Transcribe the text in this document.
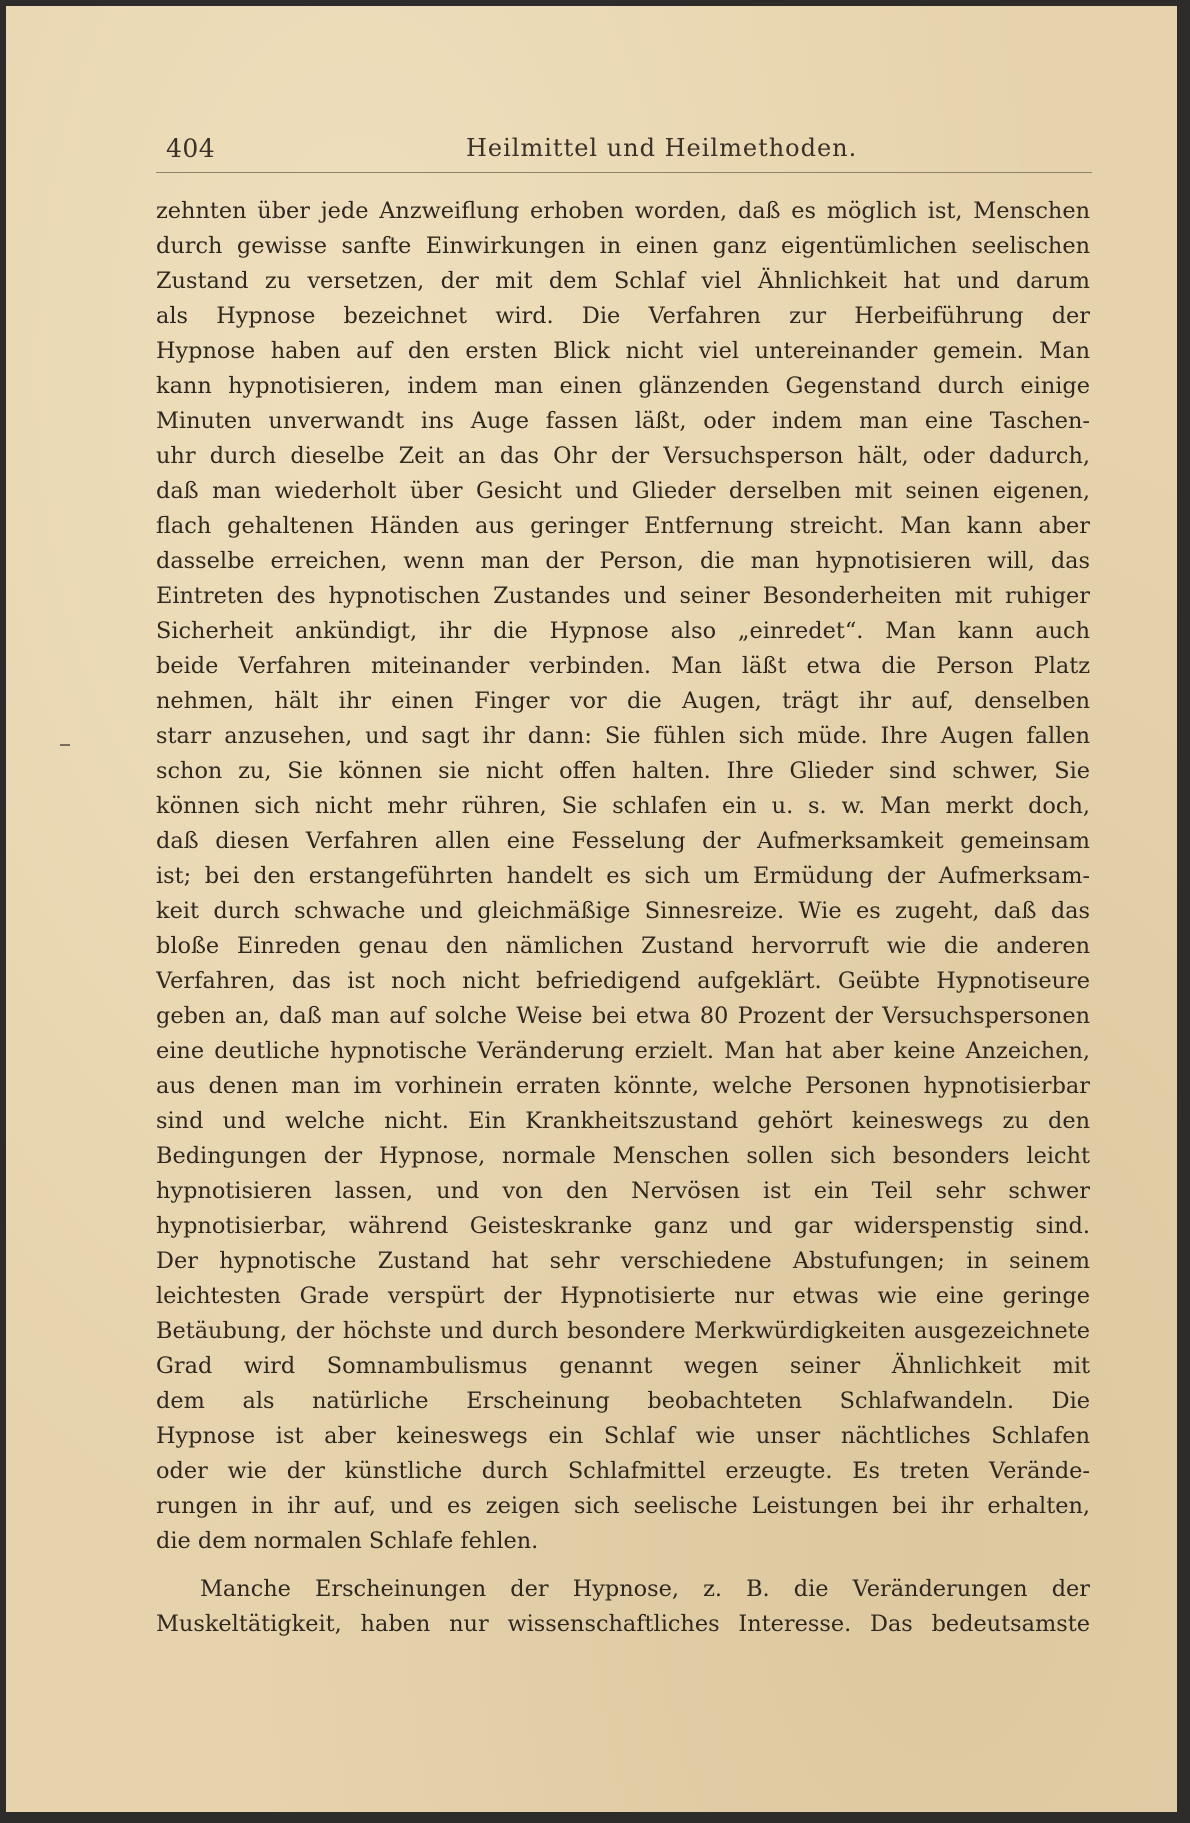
404	Heilmittel und Heilmethoden.
zehnten über jede Anzweiflung erhoben worden, daß es möglich ist, Menschen
durch gewisse sanfte Einwirkungen in einen ganz eigentümlichen seelischen
Zustand zu versetzen, der mit dem Schlaf viel Ähnlichkeit hat und darum
als Hypnose bezeichnet wird. Die Verfahren zur Herbeiführung der
Hypnose haben auf den ersten Blick nicht viel untereinander gemein. Man
kann hypnotisieren, indem man einen glänzenden Gegenstand durch einige
Minuten unverwandt ins Auge fassen läßt, oder indem man eine Taschen-
uhr durch dieselbe Zeit an das Ohr der Versuchsperson hält, oder dadurch,
daß man wiederholt über Gesicht und Glieder derselben mit seinen eigenen,
flach gehaltenen Händen aus geringer Entfernung streicht. Man kann aber
dasselbe erreichen, wenn man der Person, die man hypnotisieren will, das
Eintreten des hypnotischen Zustandes und seiner Besonderheiten mit ruhiger
Sicherheit ankündigt, ihr die Hypnose also „einredet“. Man kann auch
beide Verfahren miteinander verbinden. Man läßt etwa die Person Platz
nehmen, hält ihr einen Finger vor die Augen, trägt ihr auf, denselben
starr anzusehen, und sagt ihr dann: Sie fühlen sich müde. Ihre Augen fallen
schon zu, Sie können sie nicht offen halten. Ihre Glieder sind schwer, Sie
können sich nicht mehr rühren, Sie schlafen ein u. s. w. Man merkt doch,
daß diesen Verfahren allen eine Fesselung der Aufmerksamkeit gemeinsam
ist; bei den erstangeführten handelt es sich um Ermüdung der Aufmerksam-
keit durch schwache und gleichmäßige Sinnesreize. Wie es zugeht, daß das
bloße Einreden genau den nämlichen Zustand hervorruft wie die anderen
Verfahren, das ist noch nicht befriedigend aufgeklärt. Geübte Hypnotiseure
geben an, daß man auf solche Weise bei etwa 80 Prozent der Versuchspersonen
eine deutliche hypnotische Veränderung erzielt. Man hat aber keine Anzeichen,
aus denen man im vorhinein erraten könnte, welche Personen hypnotisierbar
sind und welche nicht. Ein Krankheitszustand gehört keineswegs zu den
Bedingungen der Hypnose, normale Menschen sollen sich besonders leicht
hypnotisieren lassen, und von den Nervösen ist ein Teil sehr schwer
hypnotisierbar, während Geisteskranke ganz und gar widerspenstig sind.
Der hypnotische Zustand hat sehr verschiedene Abstufungen; in seinem
leichtesten Grade verspürt der Hypnotisierte nur etwas wie eine geringe
Betäubung, der höchste und durch besondere Merkwürdigkeiten ausgezeichnete
Grad wird Somnambulismus genannt wegen seiner Ähnlichkeit mit
dem als natürliche Erscheinung beobachteten Schlafwandeln. Die
Hypnose ist aber keineswegs ein Schlaf wie unser nächtliches Schlafen
oder wie der künstliche durch Schlafmittel erzeugte. Es treten Verände-
rungen in ihr auf, und es zeigen sich seelische Leistungen bei ihr erhalten,
die dem normalen Schlafe fehlen.
Manche Erscheinungen der Hypnose, z. B. die Veränderungen der
Muskeltätigkeit, haben nur wissenschaftliches Interesse. Das bedeutsamste
